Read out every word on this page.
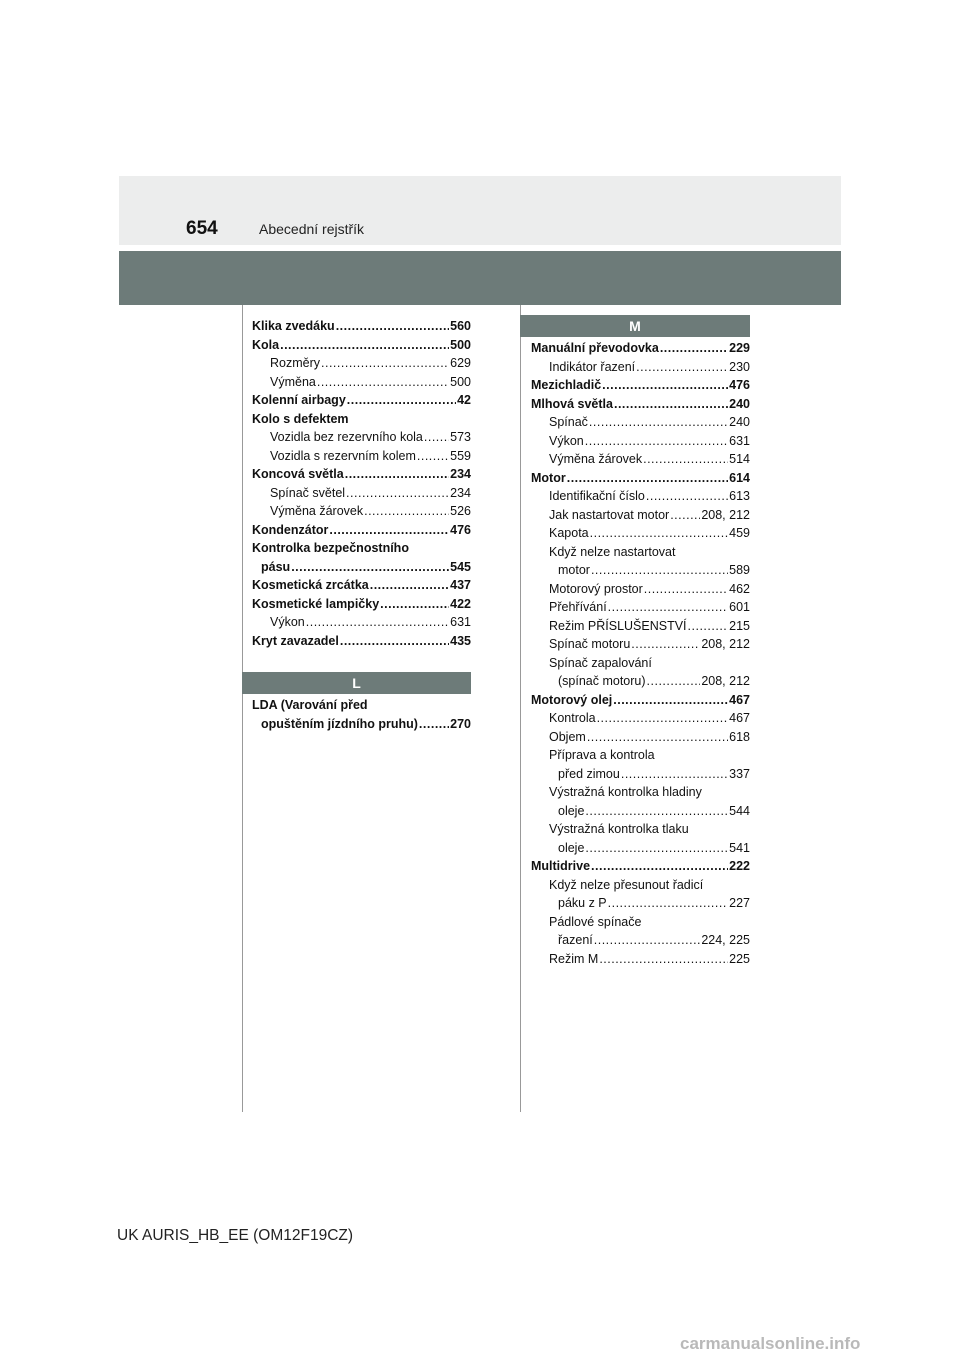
654	Abecední rejstřík
Klika zvedáku .....	560
Kola .....	500
Rozměry .....	629
Výměna .....	500
Kolenní airbagy .....	42
Kolo s defektem
Vozidla bez rezervního kola ..... 573
Vozidla s rezervním kolem .....	559
Koncová světla .....	234
Spínač světel .....	234
Výměna žárovek .....	526
Kondenzátor .....	476
Kontrolka bezpečnostního
pásu .....	545
Kosmetická zrcátka .....	437
Kosmetické lampičky .....	422
Výkon .....	631
Kryt zavazadel .....	435
L
LDA (Varování před
opuštěním jízdního pruhu) .....	270
M
Manuální převodovka .....	229
Indikátor řazení .....	230
Mezichladič .....	476
Mlhová světla .....	240
Spínač .....	240
Výkon .....	631
Výměna žárovek .....	514
Motor .....	614
Identifikační číslo .....	613
Jak nastartovat motor .....	208, 212
Kapota .....	459
Když nelze nastartovat
motor .....	589
Motorový prostor .....	462
Přehřívání .....	601
Režim PŘÍSLUŠENSTVÍ .....	215
Spínač motoru .....	208, 212
Spínač zapalování
(spínač motoru) .....	208, 212
Motorový olej .....	467
Kontrola .....	467
Objem .....	618
Příprava a kontrola
před zimou .....	337
Výstražná kontrolka hladiny
oleje .....	544
Výstražná kontrolka tlaku
oleje .....	541
Multidrive .....	222
Když nelze přesunout řadicí
páku z P .....	227
Pádlové spínače
řazení .....	224, 225
Režim M .....	225
UK AURIS_HB_EE (OM12F19CZ)
carmanualsonline.info
